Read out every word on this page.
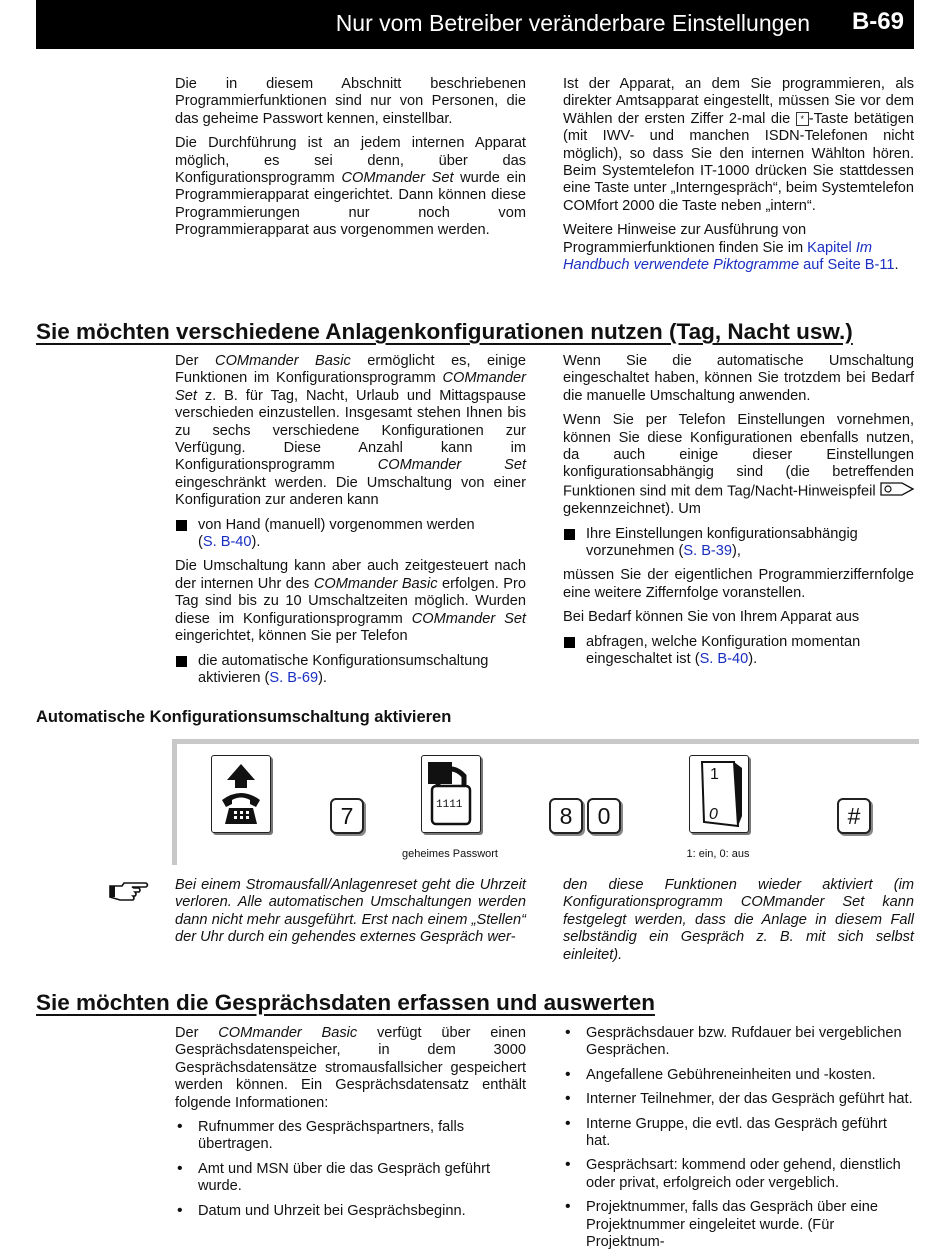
Nur vom Betreiber veränderbare Einstellungen B-69

Die in diesem Abschnitt beschriebenen Programmierfunktionen sind nur von Personen, die das geheime Passwort kennen, einstellbar.

Die Durchführung ist an jedem internen Apparat möglich, es sei denn, über das Konfigurationsprogramm COMmander Set wurde ein Programmierapparat eingerichtet. Dann können diese Programmierungen nur noch vom Programmierapparat aus vorgenommen werden.

Ist der Apparat, an dem Sie programmieren, als direkter Amtsapparat eingestellt, müssen Sie vor dem Wählen der ersten Ziffer 2-mal die * -Taste betätigen (mit IWV- und manchen ISDN-Telefonen nicht möglich), so dass Sie den internen Wählton hören. Beim Systemtelefon IT-1000 drücken Sie stattdessen eine Taste unter „Interngespräch“, beim Systemtelefon COMfort 2000 die Taste neben „intern“.

Weitere Hinweise zur Ausführung von Programmierfunktionen finden Sie im Kapitel Im Handbuch verwendete Piktogramme auf Seite B-11.

Sie möchten verschiedene Anlagenkonfigurationen nutzen (Tag, Nacht usw.)

Der COMmander Basic ermöglicht es, einige Funktionen im Konfigurationsprogramm COMmander Set z. B. für Tag, Nacht, Urlaub und Mittagspause verschieden einzustellen. Insgesamt stehen Ihnen bis zu sechs verschiedene Konfigurationen zur Verfügung. Diese Anzahl kann im Konfigurationsprogramm COMmander Set eingeschränkt werden. Die Umschaltung von einer Konfiguration zur anderen kann

von Hand (manuell) vorgenommen werden
(S. B-40).

Die Umschaltung kann aber auch zeitgesteuert nach der internen Uhr des COMmander Basic erfolgen. Pro Tag sind bis zu 10 Umschaltzeiten möglich. Wurden diese im Konfigurationsprogramm COMmander Set eingerichtet, können Sie per Telefon

die automatische Konfigurationsumschaltung aktivieren (S. B-69).

Wenn Sie die automatische Umschaltung eingeschaltet haben, können Sie trotzdem bei Bedarf die manuelle Umschaltung anwenden.

Wenn Sie per Telefon Einstellungen vornehmen, können Sie diese Konfigurationen ebenfalls nutzen, da auch einige dieser Einstellungen konfigurationsabhängig sind (die betreffenden Funktionen sind mit dem Tag/Nacht-Hinweispfeil  gekennzeichnet). Um

Ihre Einstellungen konfigurationsabhängig vorzunehmen (S. B-39),

müssen Sie der eigentlichen Programmierziffernfolge eine weitere Ziffernfolge voranstellen.

Bei Bedarf können Sie von Ihrem Apparat aus

abfragen, welche Konfiguration momentan eingeschaltet ist (S. B-40).
Automatische Konfigurationsumschaltung aktivieren
7	1111
geheimes Passwort
8	0
1
0
1: ein, 0: aus
#
Bei einem Stromausfall/Anlagenreset geht die Uhrzeit verloren. Alle automatischen Umschaltungen werden dann nicht mehr ausgeführt. Erst nach einem „Stellen“ der Uhr durch ein gehendes externes Gespräch wer-
den diese Funktionen wieder aktiviert (im Konfigurationsprogramm COMmander Set kann festgelegt werden, dass die Anlage in diesem Fall selbständig ein Gespräch z. B. mit sich selbst einleitet).
Sie möchten die Gesprächsdaten erfassen und auswerten

Der COMmander Basic verfügt über einen Gesprächsdatenspeicher, in dem 3000 Gesprächsdatensätze stromausfallsicher gespeichert werden können. Ein Gesprächsdatensatz enthält folgende Informationen:

• Rufnummer des Gesprächspartners, falls übertragen.
• Amt und MSN über die das Gespräch geführt wurde.
• Datum und Uhrzeit bei Gesprächsbeginn.
• Gesprächsdauer bzw. Rufdauer bei vergeblichen Gesprächen.
• Angefallene Gebühreneinheiten und -kosten.
• Interner Teilnehmer, der das Gespräch geführt hat.
• Interne Gruppe, die evtl. das Gespräch geführt hat.
• Gesprächsart: kommend oder gehend, dienstlich oder privat, erfolgreich oder vergeblich.
• Projektnummer, falls das Gespräch über eine Projektnummer eingeleitet wurde. (Für Projektnum-
